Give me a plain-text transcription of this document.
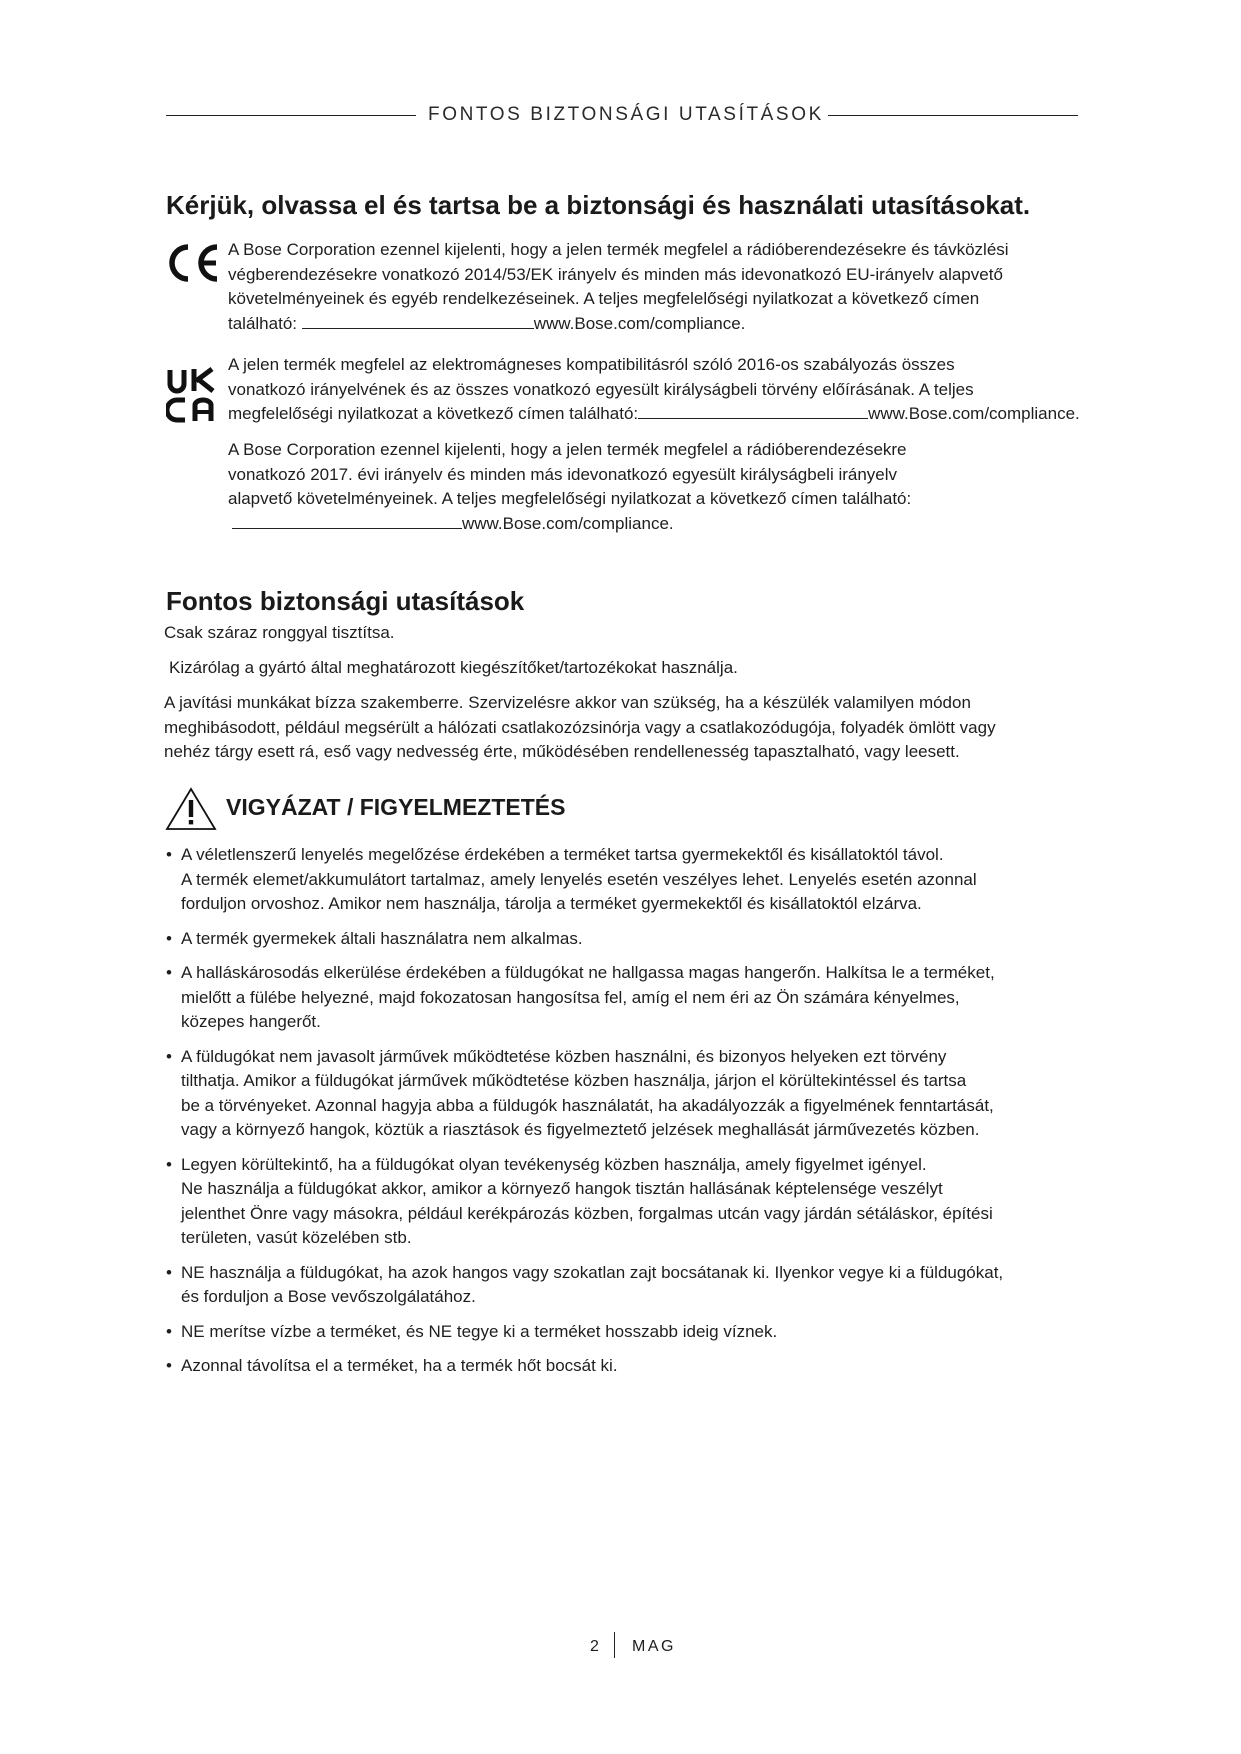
FONTOS BIZTONSÁGI UTASÍTÁSOK
Kérjük, olvassa el és tartsa be a biztonsági és használati utasításokat.

A Bose Corporation ezennel kijelenti, hogy a jelen termék megfelel a rádióberendezésekre és távközlési

végberendezésekre vonatkozó 2014/53/EK irányelv és minden más idevonatkozó EU-irányelv alapvető

követelményeinek és egyéb rendelkezéseinek. A teljes megfelelőségi nyilatkozat a következő címen

található:	www.Bose.com/compliance.

A jelen termék megfelel az elektromágneses kompatibilitásról szóló 2016-os szabályozás összes

vonatkozó irányelvének és az összes vonatkozó egyesült királyságbeli törvény előírásának. A teljes

megfelelőségi nyilatkozat a következő címen található:	www.Bose.com/compliance.

A Bose Corporation ezennel kijelenti, hogy a jelen termék megfelel a rádióberendezésekre

vonatkozó 2017. évi irányelv és minden más idevonatkozó egyesült királyságbeli irányelv

alapvető követelményeinek. A teljes megfelelőségi nyilatkozat a következő címen található:

www.Bose.com/compliance.

Fontos biztonsági utasítások
Csak száraz ronggyal tisztítsa.
Kizárólag a gyártó által meghatározott kiegészítőket/tartozékokat használja.

A javítási munkákat bízza szakemberre. Szervizelésre akkor van szükség, ha a készülék valamilyen módon

meghibásodott, például megsérült a hálózati csatlakozózsinórja vagy a csatlakozódugója, folyadék ömlött vagy

nehéz tárgy esett rá, eső vagy nedvesség érte, működésében rendellenesség tapasztalható, vagy leesett.

VIGYÁZAT / FIGYELMEZTETÉS
• A véletlenszerű lenyelés megelőzése érdekében a terméket tartsa gyermekektől és kisállatoktól távol.

A termék elemet/akkumulátort tartalmaz, amely lenyelés esetén veszélyes lehet. Lenyelés esetén azonnal

forduljon orvoshoz. Amikor nem használja, tárolja a terméket gyermekektől és kisállatoktól elzárva.

• A termék gyermekek általi használatra nem alkalmas.

• A halláskárosodás elkerülése érdekében a füldugókat ne hallgassa magas hangerőn. Halkítsa le a terméket,

mielőtt a fülébe helyezné, majd fokozatosan hangosítsa fel, amíg el nem éri az Ön számára kényelmes,

közepes hangerőt.

• A füldugókat nem javasolt járművek működtetése közben használni, és bizonyos helyeken ezt törvény

tilthatja. Amikor a füldugókat járművek működtetése közben használja, járjon el körültekintéssel és tartsa

be a törvényeket. Azonnal hagyja abba a füldugók használatát, ha akadályozzák a figyelmének fenntartását,

vagy a környező hangok, köztük a riasztások és figyelmeztető jelzések meghallását járművezetés közben.

• Legyen körültekintő, ha a füldugókat olyan tevékenység közben használja, amely figyelmet igényel.

Ne használja a füldugókat akkor, amikor a környező hangok tisztán hallásának képtelensége veszélyt

jelenthet Önre vagy másokra, például kerékpározás közben, forgalmas utcán vagy járdán sétáláskor, építési

területen, vasút közelében stb.

• NE használja a füldugókat, ha azok hangos vagy szokatlan zajt bocsátanak ki. Ilyenkor vegye ki a füldugókat,

és forduljon a Bose vevőszolgálatához.

• NE merítse vízbe a terméket, és NE tegye ki a terméket hosszabb ideig víznek.

• Azonnal távolítsa el a terméket, ha a termék hőt bocsát ki.

2 MAG
